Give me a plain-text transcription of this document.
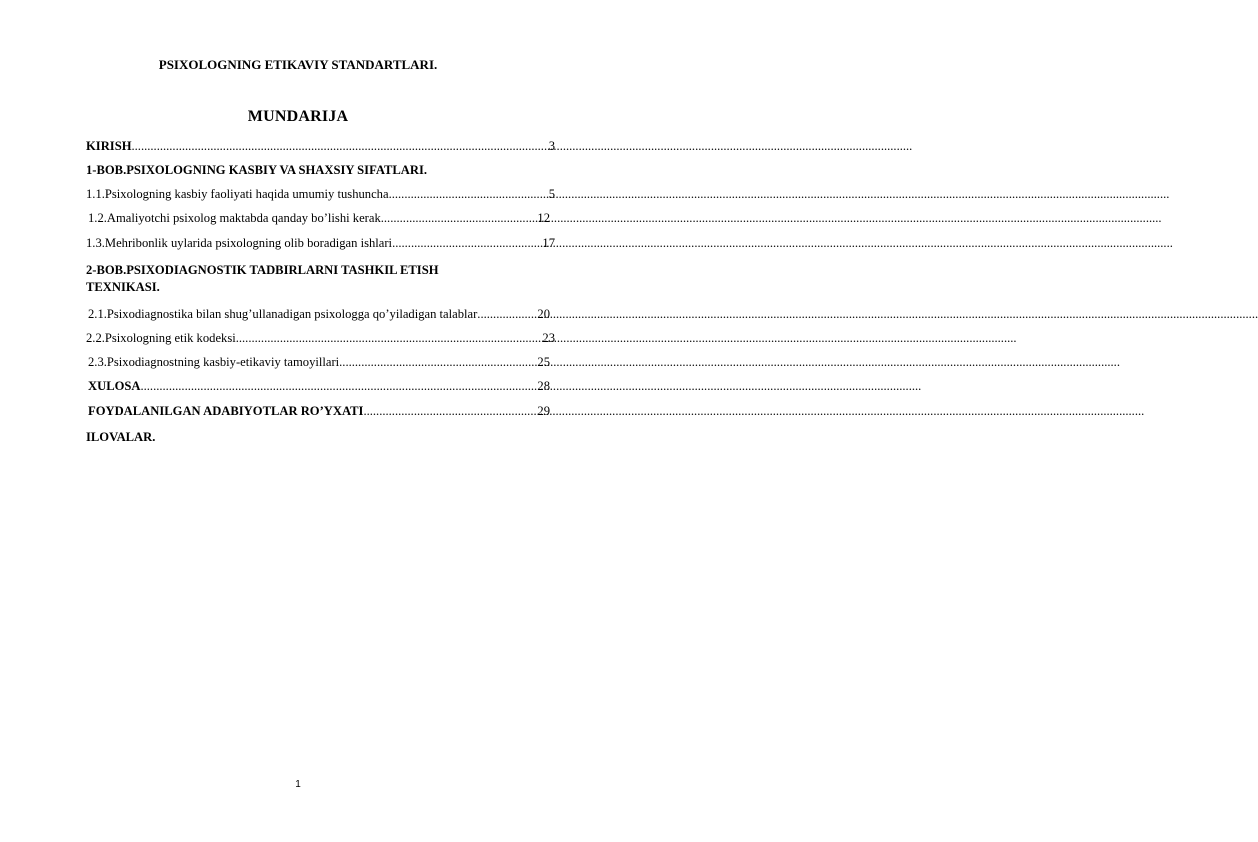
PSIXOLOGNING ETIKAVIY STANDARTLARI.
MUNDARIJA
KIRISH .....	3
1-BOB.PSIXOLOGNING KASBIY VA SHAXSIY SIFATLARI.
1.1.Psixologning kasbiy faoliyati haqida umumiy tushuncha .....	5
1.2.Amaliyotchi psixolog maktabda qanday bo’lishi kerak .....	12
1.3.Mehribonlik uylarida psixologning olib boradigan ishlari .....	17
2-BOB.PSIXODIAGNOSTIK TADBIRLARNI TASHKIL ETISH TEXNIKASI.
2.1.Psixodiagnostika bilan shug’ullanadigan psixologga qo’yiladigan talablar .....	20
2.2.Psixologning etik kodeksi .....	23
2.3.Psixodiagnostning kasbiy-etikaviy tamoyillari .....	25
XULOSA .....	28
FOYDALANILGAN ADABIYOTLAR RO’YXATI .....	29
ILOVALAR.
1
